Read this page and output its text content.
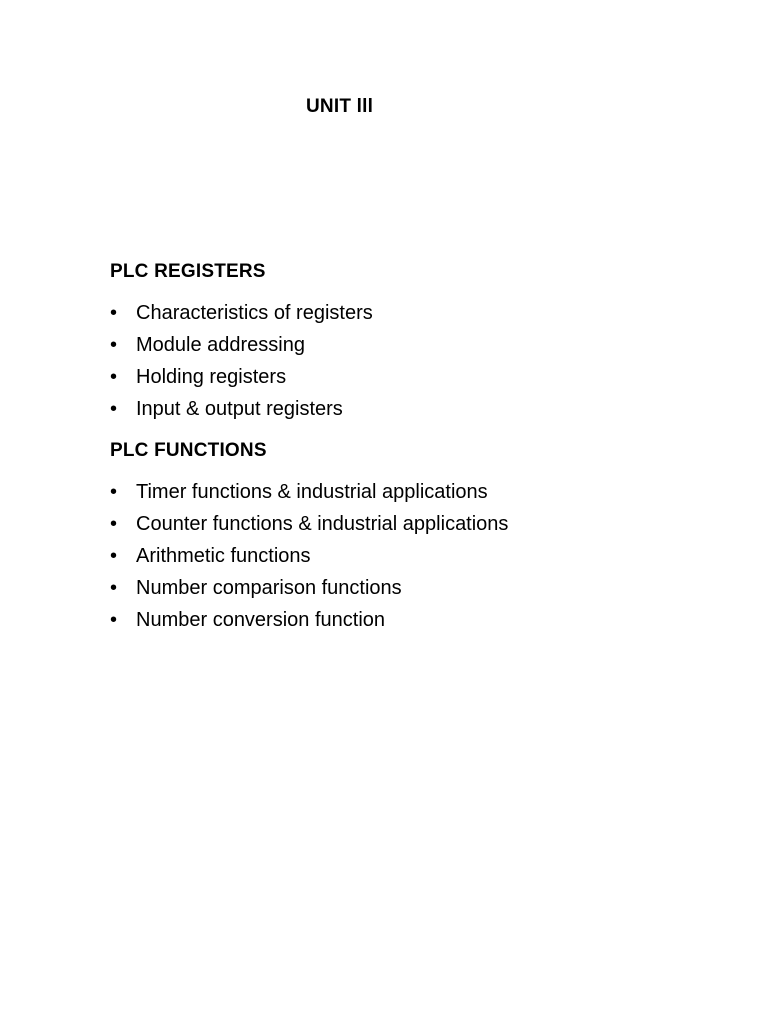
UNIT lll
PLC REGISTERS
• Characteristics of registers
• Module addressing
• Holding registers
• Input & output registers
PLC FUNCTIONS
• Timer functions & industrial applications
• Counter functions & industrial applications
• Arithmetic functions
• Number comparison functions
• Number conversion function
